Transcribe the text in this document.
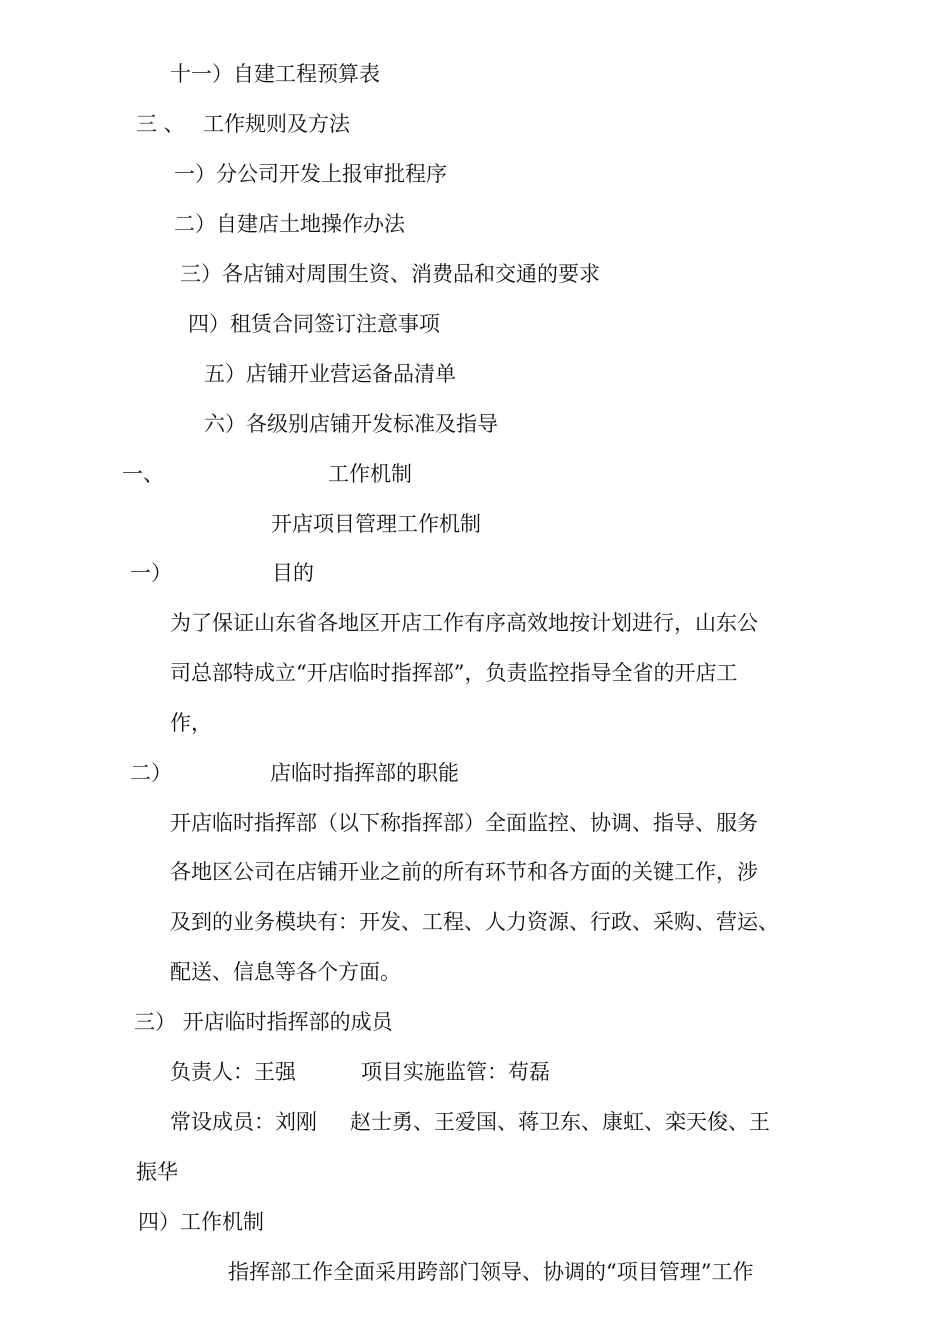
十一）自建工程预算表
三 、 工作规则及方法
一）分公司开发上报审批程序
二）自建店土地操作办法
三）各店铺对周围生资、消费品和交通的要求
四）租赁合同签订注意事项
五）店铺开业营运备品清单
六）各级别店铺开发标准及指导
一、	工作机制
开店项目管理工作机制
一）	目的
为了保证山东省各地区开店工作有序高效地按计划进行，山东公
司总部特成立“开店临时指挥部”，负责监控指导全省的开店工
作，
二）	店临时指挥部的职能
开店临时指挥部（以下称指挥部）全面监控、协调、指导、服务
各地区公司在店铺开业之前的所有环节和各方面的关键工作，涉
及到的业务模块有：开发、工程、人力资源、行政、采购、营运、
配送、信息等各个方面。
三） 开店临时指挥部的成员
负责人：王强	项目实施监管：苟磊
常设成员：刘刚 赵士勇、王爱国、蒋卫东、康虹、栾天俊、王
振华
四）工作机制
指挥部工作全面采用跨部门领导、协调的“项目管理”工作
